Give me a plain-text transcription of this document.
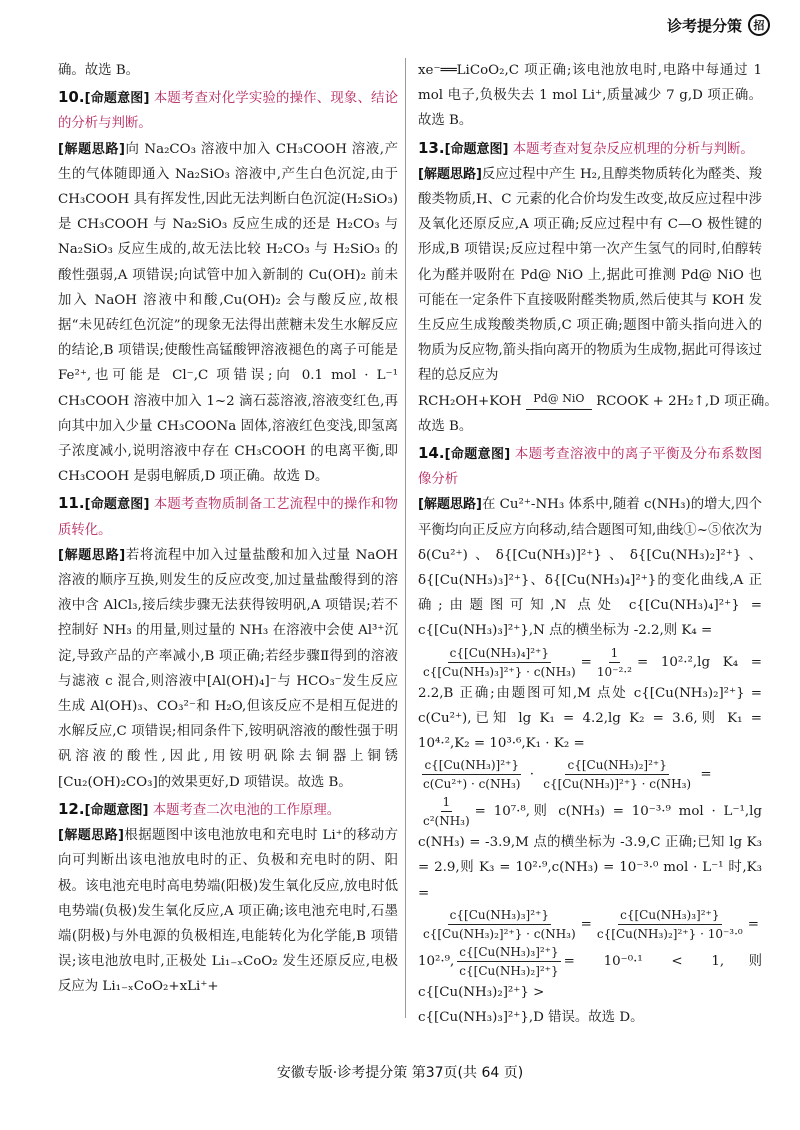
诊考提分策	招

确。故选 B。

10.[命题意图] 本题考查对化学实验的操作、现象、结论的分析与判断。

[解题思路]向 Na₂CO₃ 溶液中加入 CH₃COOH 溶液,产生的气体随即通入 Na₂SiO₃ 溶液中,产生白色沉淀,由于 CH₃COOH 具有挥发性,因此无法判断白色沉淀(H₂SiO₃)是 CH₃COOH 与 Na₂SiO₃ 反应生成的还是 H₂CO₃ 与 Na₂SiO₃ 反应生成的,故无法比较 H₂CO₃ 与 H₂SiO₃ 的酸性强弱,A 项错误;向试管中加入新制的 Cu(OH)₂ 前未加入 NaOH 溶液中和酸,Cu(OH)₂ 会与酸反应,故根据“未见砖红色沉淀”的现象无法得出蔗糖未发生水解反应的结论,B 项错误;使酸性高锰酸钾溶液褪色的离子可能是 Fe²⁺,也可能是 Cl⁻,C 项错误;向 0.1 mol · L⁻¹ CH₃COOH 溶液中加入 1~2 滴石蕊溶液,溶液变红色,再向其中加入少量 CH₃COONa 固体,溶液红色变浅,即氢离子浓度减小,说明溶液中存在 CH₃COOH 的电离平衡,即 CH₃COOH 是弱电解质,D 项正确。故选 D。

11.[命题意图] 本题考查物质制备工艺流程中的操作和物质转化。

[解题思路]若将流程中加入过量盐酸和加入过量 NaOH 溶液的顺序互换,则发生的反应改变,加过量盐酸得到的溶液中含 AlCl₃,接后续步骤无法获得铵明矾,A 项错误;若不控制好 NH₃ 的用量,则过量的 NH₃ 在溶液中会使 Al³⁺沉淀,导致产品的产率减小,B 项正确;若经步骤Ⅱ得到的溶液与滤液 c 混合,则溶液中[Al(OH)₄]⁻与 HCO₃⁻发生反应生成 Al(OH)₃、CO₃²⁻和 H₂O,但该反应不是相互促进的水解反应,C 项错误;相同条件下,铵明矾溶液的酸性强于明矾溶液的酸性,因此,用铵明矾除去铜器上铜锈[Cu₂(OH)₂CO₃]的效果更好,D 项错误。故选 B。

12.[命题意图] 本题考查二次电池的工作原理。

[解题思路]根据题图中该电池放电和充电时 Li⁺的移动方向可判断出该电池放电时的正、负极和充电时的阴、阳极。该电池充电时高电势端(阳极)发生氧化反应,放电时低电势端(负极)发生氧化反应,A 项正确;该电池充电时,石墨端(阴极)与外电源的负极相连,电能转化为化学能,B 项错误;该电池放电时,正极处 Li₁₋ₓCoO₂ 发生还原反应,电极反应为 Li₁₋ₓCoO₂+xLi⁺+

xe⁻══LiCoO₂,C 项正确;该电池放电时,电路中每通过 1 mol 电子,负极失去 1 mol Li⁺,质量减少 7 g,D 项正确。故选 B。

13.[命题意图] 本题考查对复杂反应机理的分析与判断。

[解题思路]反应过程中产生 H₂,且醇类物质转化为醛类、羧酸类物质,H、C 元素的化合价均发生改变,故反应过程中涉及氧化还原反应,A 项正确;反应过程中有 C—O 极性键的形成,B 项错误;反应过程中第一次产生氢气的同时,伯醇转化为醛并吸附在 Pd@ NiO 上,据此可推测 Pd@ NiO 也可能在一定条件下直接吸附醛类物质,然后使其与 KOH 发生反应生成羧酸类物质,C 项正确;题图中箭头指向进入的物质为反应物,箭头指向离开的物质为生成物,据此可得该过程的总反应为

RCH₂OH+KOH	Pd@ NiO RCOOK + 2H₂↑,D 项正确。

故选 B。

14.[命题意图] 本题考查溶液中的离子平衡及分布系数图像分析

[解题思路]在 Cu²⁺-NH₃ 体系中,随着 c(NH₃)的增大,四个平衡均向正反应方向移动,结合题图可知,曲线①~⑤依次为 δ(Cu²⁺)、δ{[Cu(NH₃)]²⁺}、δ{[Cu(NH₃)₂]²⁺}、δ{[Cu(NH₃)₃]²⁺}、δ{[Cu(NH₃)₄]²⁺}的变化曲线,A 正确;由题图可知,N 点处 c{[Cu(NH₃)₄]²⁺} = c{[Cu(NH₃)₃]²⁺},N 点的横坐标为 -2.2,则 K₄ =

$\frac{\text{c\{[Cu(NH₃)₄]²⁺\}}}{\text{c\{[Cu(NH₃)₃]²⁺\} · c(NH₃)}} = \frac{1}{\text{10⁻²·²}} = 10^2\cdot^2,\lg$ K₄ = 2.2,B 正确;由题图可知,M 点处 c{[Cu(NH₃)₂]²⁺} = c(Cu²⁺),已知 lg K₁ = 4.2,lg K₂ = 3.6,则 K₁ = 10⁴·²,K₂ = 10³·⁶,K₁ · K₂ =

$\frac{\text{c\{[Cu(NH₃)]²⁺\}}}{\text{c(Cu²⁺) · c(NH₃)}} \cdot \frac{\text{c\{[Cu(NH₃)₂]²⁺\}}}{\text{c\{[Cu(NH₃)]²⁺\} · c(NH₃)}}$ =

$\frac{1}{\text{c²(NH₃)}} = 10^7\cdot^8$,则 c(NH₃) = 10⁻³·⁹ mol · L⁻¹,lg c(NH₃) = -3.9,M 点的横坐标为 -3.9,C 正确;已知 lg K₃ = 2.9,则 K₃ = 10²·⁹,c(NH₃) = 10⁻³·⁰ mol · L⁻¹ 时,K₃ =

$\frac{\text{c\{[Cu(NH₃)₃]²⁺\}}}{\text{c\{[Cu(NH₃)₂]²⁺\} · c(NH₃)}} = \frac{\text{c\{[Cu(NH₃)₃]²⁺\}}}{\text{c\{[Cu(NH₃)₂]²⁺\} · 10⁻³·⁰}}$ =

10²·⁹, $\frac{\text{c\{[Cu(NH₃)₃]²⁺\}}}{\text{c\{[Cu(NH₃)₂]²⁺\}}} = 10^{-0}\cdot^1 < 1$,则 c{[Cu(NH₃)₂]²⁺} >

c{[Cu(NH₃)₃]²⁺},D 错误。故选 D。

安徽专版·诊考提分策 第37页(共 64 页)
